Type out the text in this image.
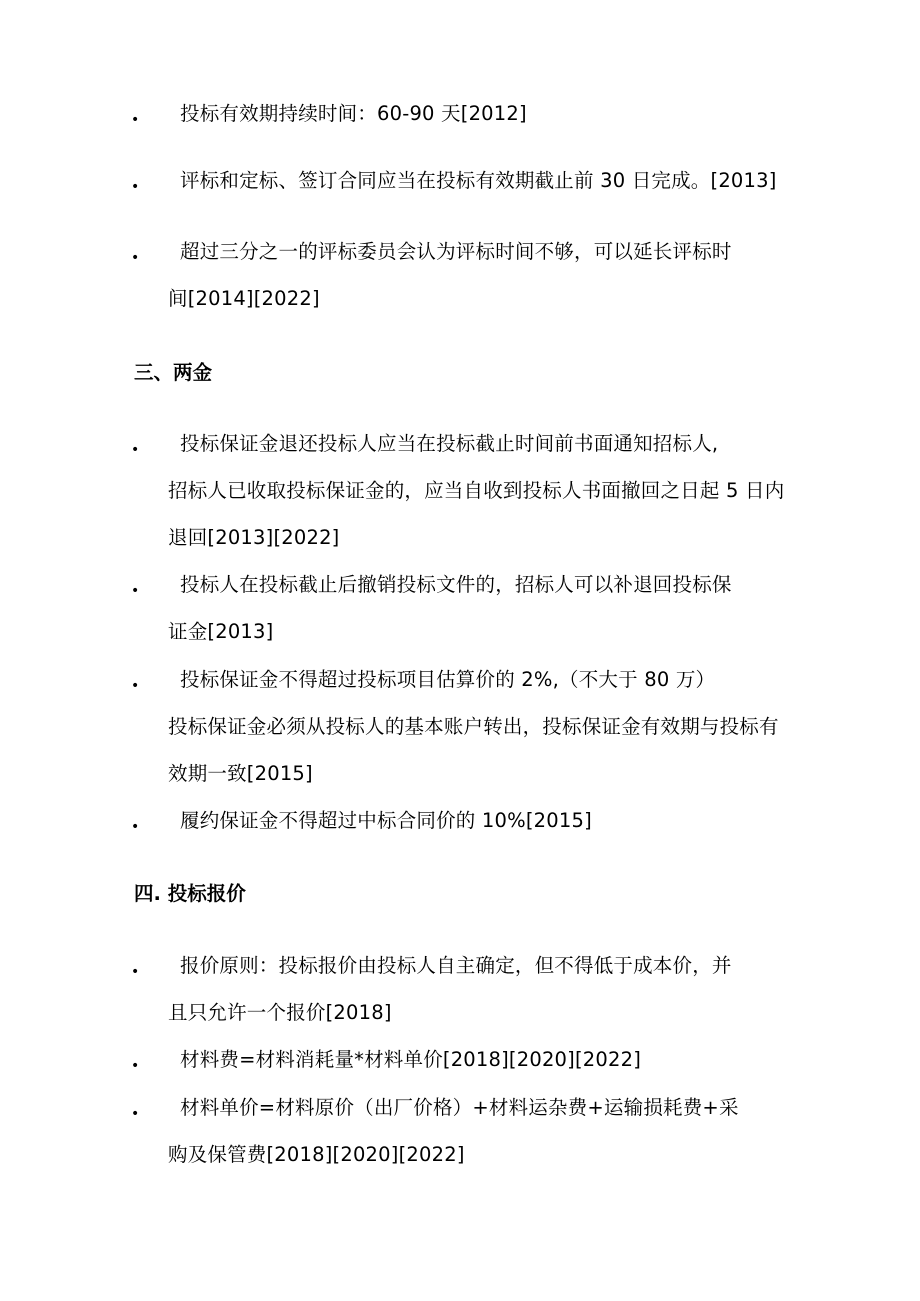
• 投标有效期持续时间：60-90 天[2012]
• 评标和定标、签订合同应当在投标有效期截止前 30 日完成。[2013]
• 超过三分之一的评标委员会认为评标时间不够，可以延长评标时
间[2014][2022]
三、两金
• 投标保证金退还投标人应当在投标截止时间前书面通知招标人,
招标人已收取投标保证金的，应当自收到投标人书面撤回之日起 5 日内
退回[2013][2022]
• 投标人在投标截止后撤销投标文件的，招标人可以补退回投标保
证金[2013]
• 投标保证金不得超过投标项目估算价的 2%,（不大于 80 万）
投标保证金必须从投标人的基本账户转出，投标保证金有效期与投标有
效期一致[2015]
• 履约保证金不得超过中标合同价的 10%[2015]
四. 投标报价
• 报价原则：投标报价由投标人自主确定，但不得低于成本价，并
且只允许一个报价[2018]
• 材料费=材料消耗量*材料单价[2018][2020][2022]
• 材料单价=材料原价（出厂价格）+材料运杂费+运输损耗费+采
购及保管费[2018][2020][2022]
